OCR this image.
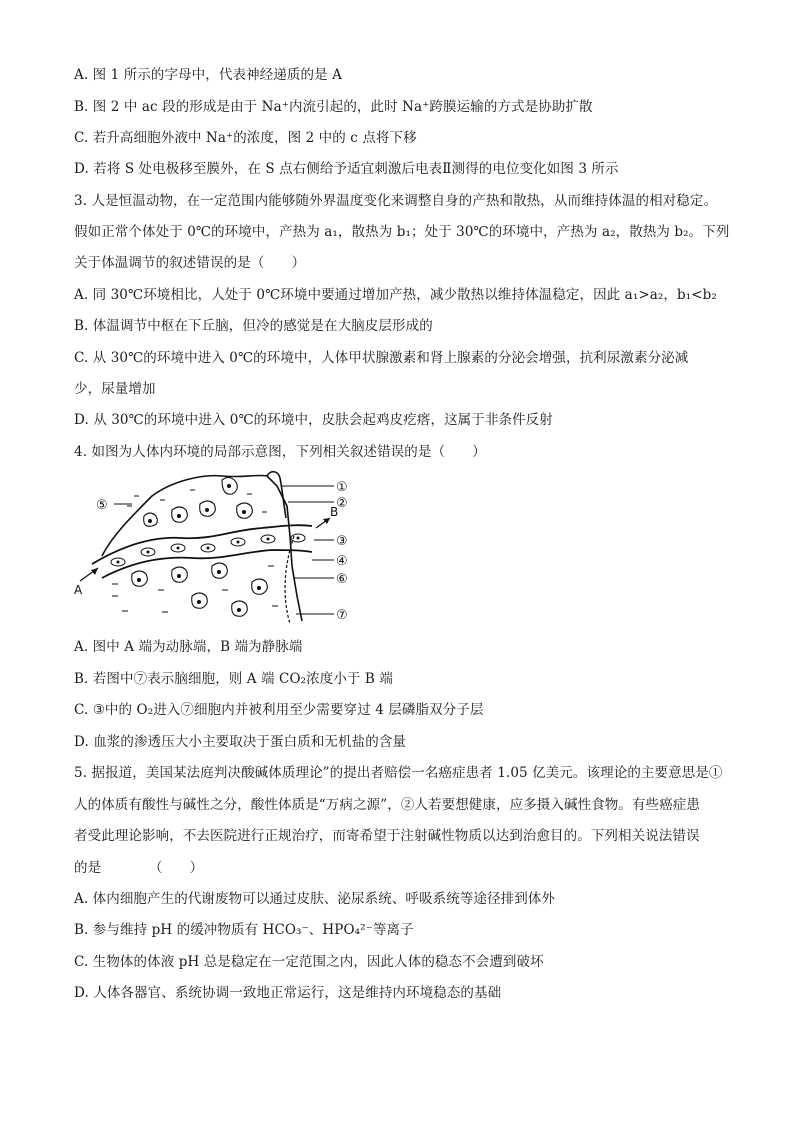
A. 图 1 所示的字母中，代表神经递质的是 A
B. 图 2 中 ac 段的形成是由于 Na⁺内流引起的，此时 Na⁺跨膜运输的方式是协助扩散
C. 若升高细胞外液中 Na⁺的浓度，图 2 中的 c 点将下移
D. 若将 S 处电极移至膜外，在 S 点右侧给予适宜刺激后电表Ⅱ测得的电位变化如图 3 所示
3. 人是恒温动物，在一定范围内能够随外界温度变化来调整自身的产热和散热，从而维持体温的相对稳定。
假如正常个体处于 0℃的环境中，产热为 a₁，散热为 b₁；处于 30℃的环境中，产热为 a₂，散热为 b₂。下列
关于体温调节的叙述错误的是（　　）
A. 同 30℃环境相比，人处于 0℃环境中要通过增加产热，减少散热以维持体温稳定，因此 a₁>a₂，b₁<b₂
B. 体温调节中枢在下丘脑，但冷的感觉是在大脑皮层形成的
C. 从 30℃的环境中进入 0℃的环境中，人体甲状腺激素和肾上腺素的分泌会增强，抗利尿激素分泌减
少，尿量增加
D. 从 30℃的环境中进入 0℃的环境中，皮肤会起鸡皮疙瘩，这属于非条件反射
4. 如图为人体内环境的局部示意图，下列相关叙述错误的是（　　）
①
②
③
④
⑤
⑥
⑦
A
B
A. 图中 A 端为动脉端，B 端为静脉端
B. 若图中⑦表示脑细胞，则 A 端 CO₂浓度小于 B 端
C. ③中的 O₂进入⑦细胞内并被利用至少需要穿过 4 层磷脂双分子层
D. 血浆的渗透压大小主要取决于蛋白质和无机盐的含量
5. 据报道，美国某法庭判决酸碱体质理论”的提出者赔偿一名癌症患者 1.05 亿美元。该理论的主要意思是①
人的体质有酸性与碱性之分，酸性体质是“万病之源”，②人若要想健康，应多摄入碱性食物。有些癌症患
者受此理论影响，不去医院进行正规治疗，而寄希望于注射碱性物质以达到治愈目的。下列相关说法错误
的是　　　　（　　）
A. 体内细胞产生的代谢废物可以通过皮肤、泌尿系统、呼吸系统等途径排到体外
B. 参与维持 pH 的缓冲物质有 HCO₃⁻、HPO₄²⁻等离子
C. 生物体的体液 pH 总是稳定在一定范围之内，因此人体的稳态不会遭到破坏
D. 人体各器官、系统协调一致地正常运行，这是维持内环境稳态的基础
